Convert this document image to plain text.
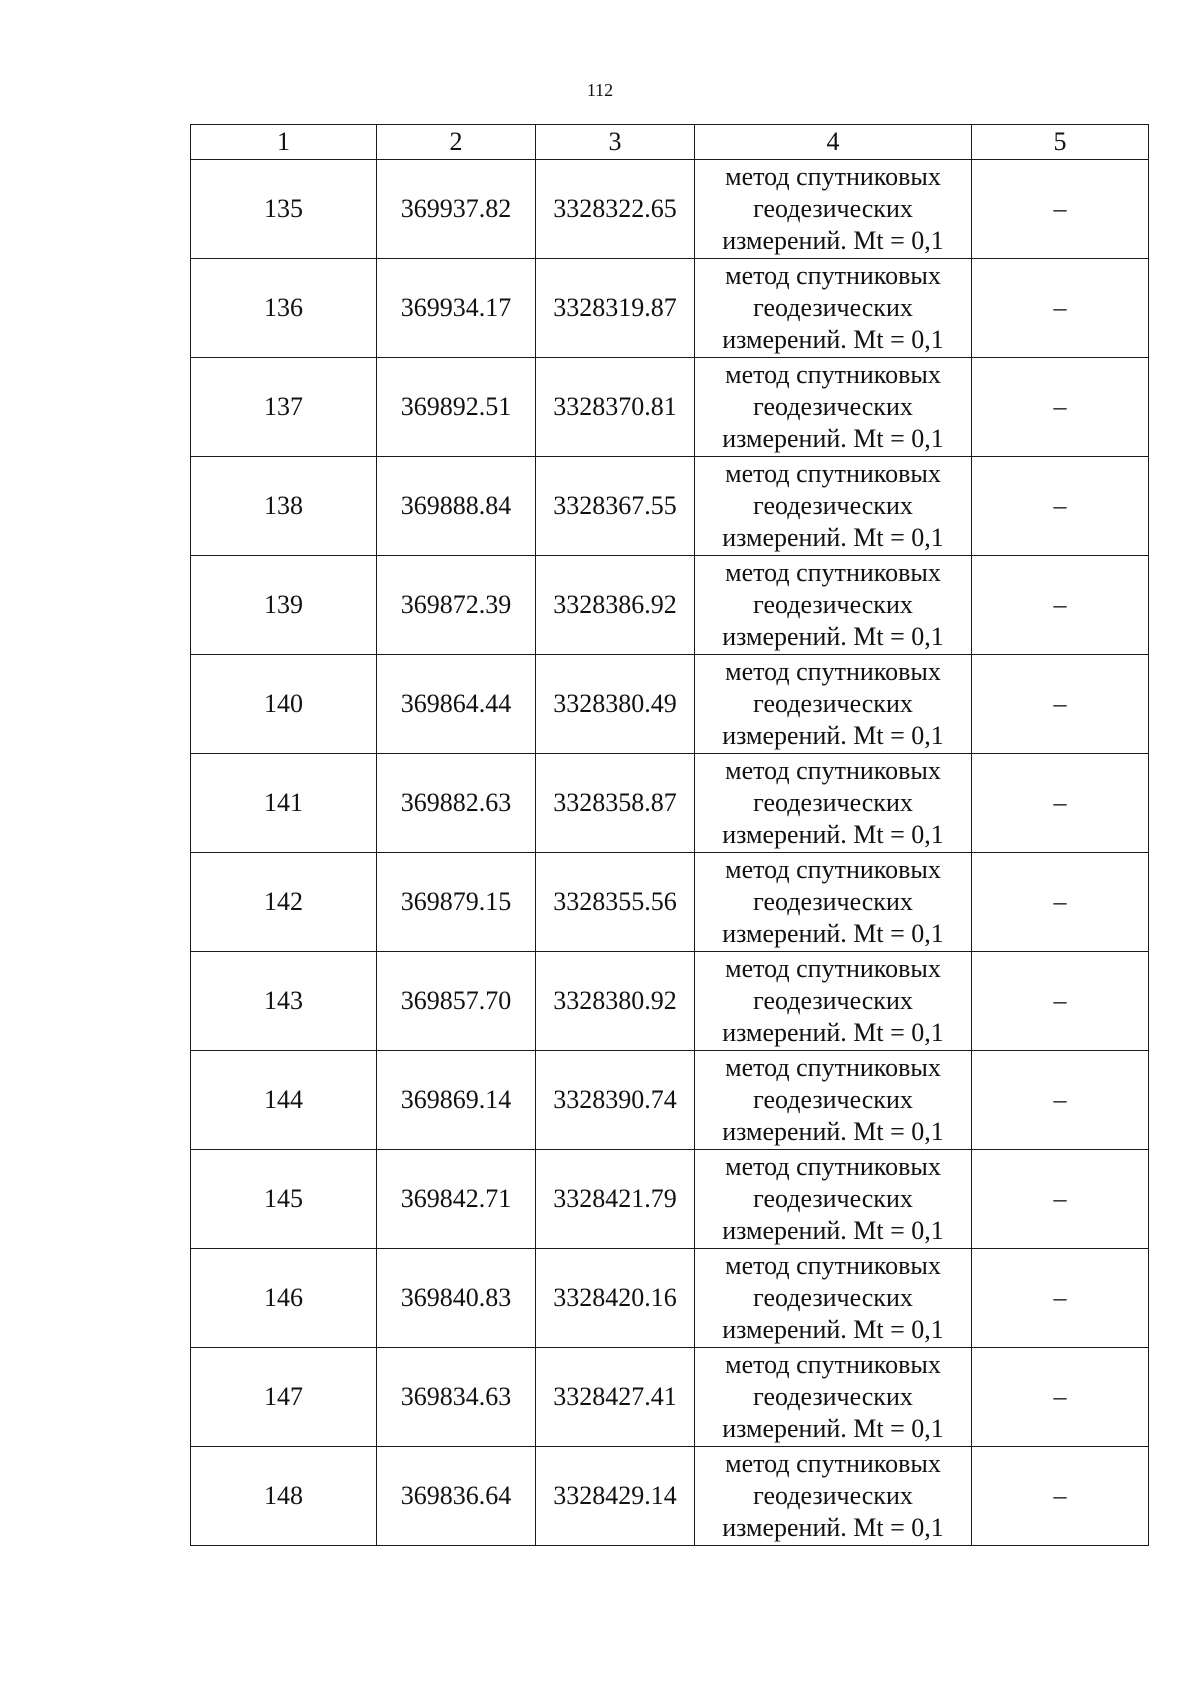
112
1	2	3	4	5
135	369937.82	3328322.65	метод спутниковых
геодезических
измерений. Mt = 0,1	–
136	369934.17	3328319.87	метод спутниковых
геодезических
измерений. Mt = 0,1	–
137	369892.51	3328370.81	метод спутниковых
геодезических
измерений. Mt = 0,1	–
138	369888.84	3328367.55	метод спутниковых
геодезических
измерений. Mt = 0,1	–
139	369872.39	3328386.92	метод спутниковых
геодезических
измерений. Mt = 0,1	–
140	369864.44	3328380.49	метод спутниковых
геодезических
измерений. Mt = 0,1	–
141	369882.63	3328358.87	метод спутниковых
геодезических
измерений. Mt = 0,1	–
142	369879.15	3328355.56	метод спутниковых
геодезических
измерений. Mt = 0,1	–
143	369857.70	3328380.92	метод спутниковых
геодезических
измерений. Mt = 0,1	–
144	369869.14	3328390.74	метод спутниковых
геодезических
измерений. Mt = 0,1	–
145	369842.71	3328421.79	метод спутниковых
геодезических
измерений. Mt = 0,1	–
146	369840.83	3328420.16	метод спутниковых
геодезических
измерений. Mt = 0,1	–
147	369834.63	3328427.41	метод спутниковых
геодезических
измерений. Mt = 0,1	–
148	369836.64	3328429.14	метод спутниковых
геодезических
измерений. Mt = 0,1	–
